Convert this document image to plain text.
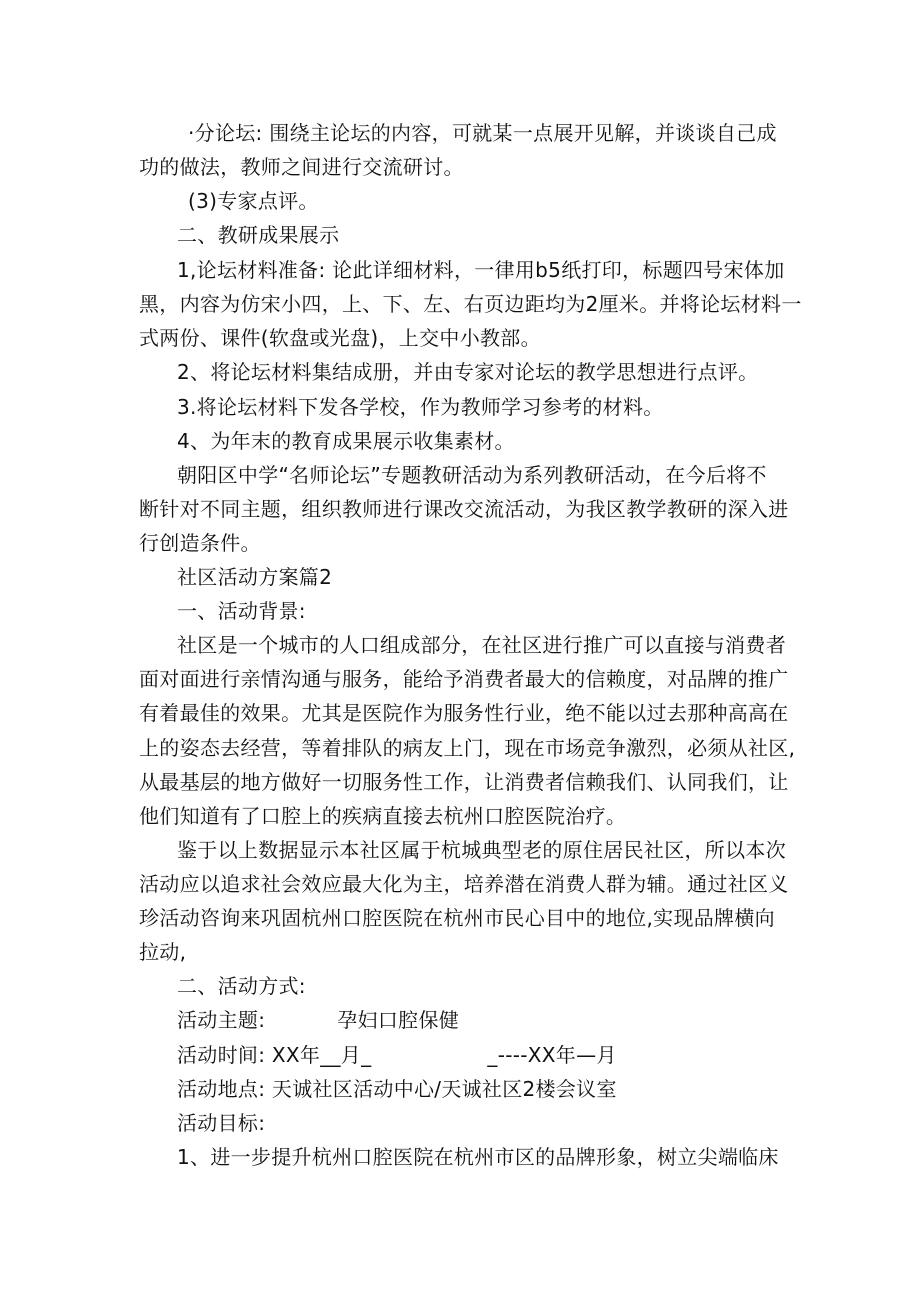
·分论坛: 围绕主论坛的内容，可就某一点展开见解，并谈谈自己成
功的做法，教师之间进行交流研讨。
(3)专家点评。
二、教研成果展示
1,论坛材料准备: 论此详细材料，一律用b5纸打印，标题四号宋体加
黑，内容为仿宋小四，上、下、左、右页边距均为2厘米。并将论坛材料一
式两份、课件(软盘或光盘)，上交中小教部。
2、将论坛材料集结成册，并由专家对论坛的教学思想进行点评。
3.将论坛材料下发各学校，作为教师学习参考的材料。
4、为年末的教育成果展示收集素材。
朝阳区中学“名师论坛”专题教研活动为系列教研活动，在今后将不
断针对不同主题，组织教师进行课改交流活动，为我区教学教研的深入进
行创造条件。
社区活动方案篇2
一、活动背景:
社区是一个城市的人口组成部分，在社区进行推广可以直接与消费者
面对面进行亲情沟通与服务，能给予消费者最大的信赖度，对品牌的推广
有着最佳的效果。尤其是医院作为服务性行业，绝不能以过去那种高高在
上的姿态去经营，等着排队的病友上门，现在市场竞争激烈，必须从社区,
从最基层的地方做好一切服务性工作，让消费者信赖我们、认同我们，让
他们知道有了口腔上的疾病直接去杭州口腔医院治疗。
鉴于以上数据显示本社区属于杭城典型老的原住居民社区，所以本次
活动应以追求社会效应最大化为主，培养潜在消费人群为辅。通过社区义
珍活动咨询来巩固杭州口腔医院在杭州市民心目中的地位,实现品牌横向
拉动,
二、活动方式:
活动主题:	孕妇口腔保健
活动时间: XX年__月_	_----XX年—月
活动地点: 天诚社区活动中心/天诚社区2楼会议室
活动目标:
1、进一步提升杭州口腔医院在杭州市区的品牌形象，树立尖端临床
